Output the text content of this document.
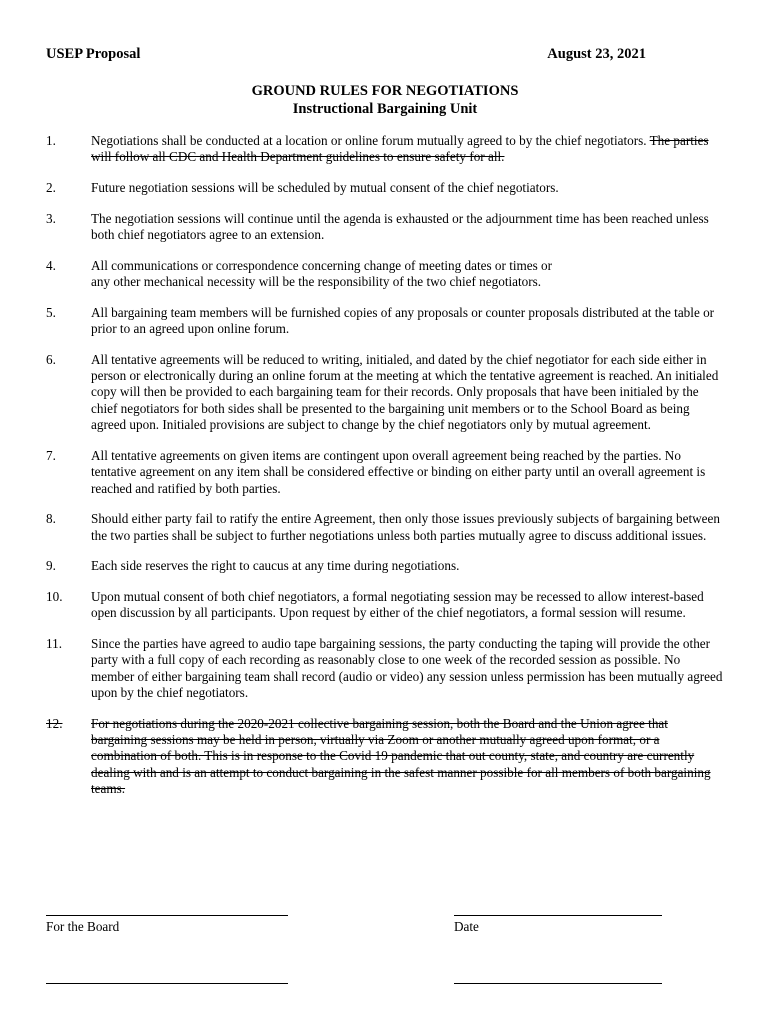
USEP Proposal	August 23, 2021
GROUND RULES FOR NEGOTIATIONS
Instructional Bargaining Unit
1.	Negotiations shall be conducted at a location or online forum mutually agreed to by the chief negotiators. The parties will follow all CDC and Health Department guidelines to ensure safety for all.
2.	Future negotiation sessions will be scheduled by mutual consent of the chief negotiators.
3.	The negotiation sessions will continue until the agenda is exhausted or the adjournment time has been reached unless both chief negotiators agree to an extension.
4.	All communications or correspondence concerning change of meeting dates or times or any other mechanical necessity will be the responsibility of the two chief negotiators.
5.	All bargaining team members will be furnished copies of any proposals or counter proposals distributed at the table or prior to an agreed upon online forum.
6.	All tentative agreements will be reduced to writing, initialed, and dated by the chief negotiator for each side either in person or electronically during an online forum at the meeting at which the tentative agreement is reached. An initialed copy will then be provided to each bargaining team for their records. Only proposals that have been initialed by the chief negotiators for both sides shall be presented to the bargaining unit members or to the School Board as being agreed upon. Initialed provisions are subject to change by the chief negotiators only by mutual agreement.
7.	All tentative agreements on given items are contingent upon overall agreement being reached by the parties. No tentative agreement on any item shall be considered effective or binding on either party until an overall agreement is reached and ratified by both parties.
8.	Should either party fail to ratify the entire Agreement, then only those issues previously subjects of bargaining between the two parties shall be subject to further negotiations unless both parties mutually agree to discuss additional issues.
9.	Each side reserves the right to caucus at any time during negotiations.
10. Upon mutual consent of both chief negotiators, a formal negotiating session may be recessed to allow interest-based open discussion by all participants. Upon request by either of the chief negotiators, a formal session will resume.
11. Since the parties have agreed to audio tape bargaining sessions, the party conducting the taping will provide the other party with a full copy of each recording as reasonably close to one week of the recorded session as possible. No member of either bargaining team shall record (audio or video) any session unless permission has been mutually agreed upon by the chief negotiators.
12. For negotiations during the 2020-2021 collective bargaining session, both the Board and the Union agree that bargaining sessions may be held in person, virtually via Zoom or another mutually agreed upon format, or a combination of both. This is in response to the Covid 19 pandemic that out county, state, and country are currently dealing with and is an attempt to conduct bargaining in the safest manner possible for all members of both bargaining teams.
For the Board	Date
